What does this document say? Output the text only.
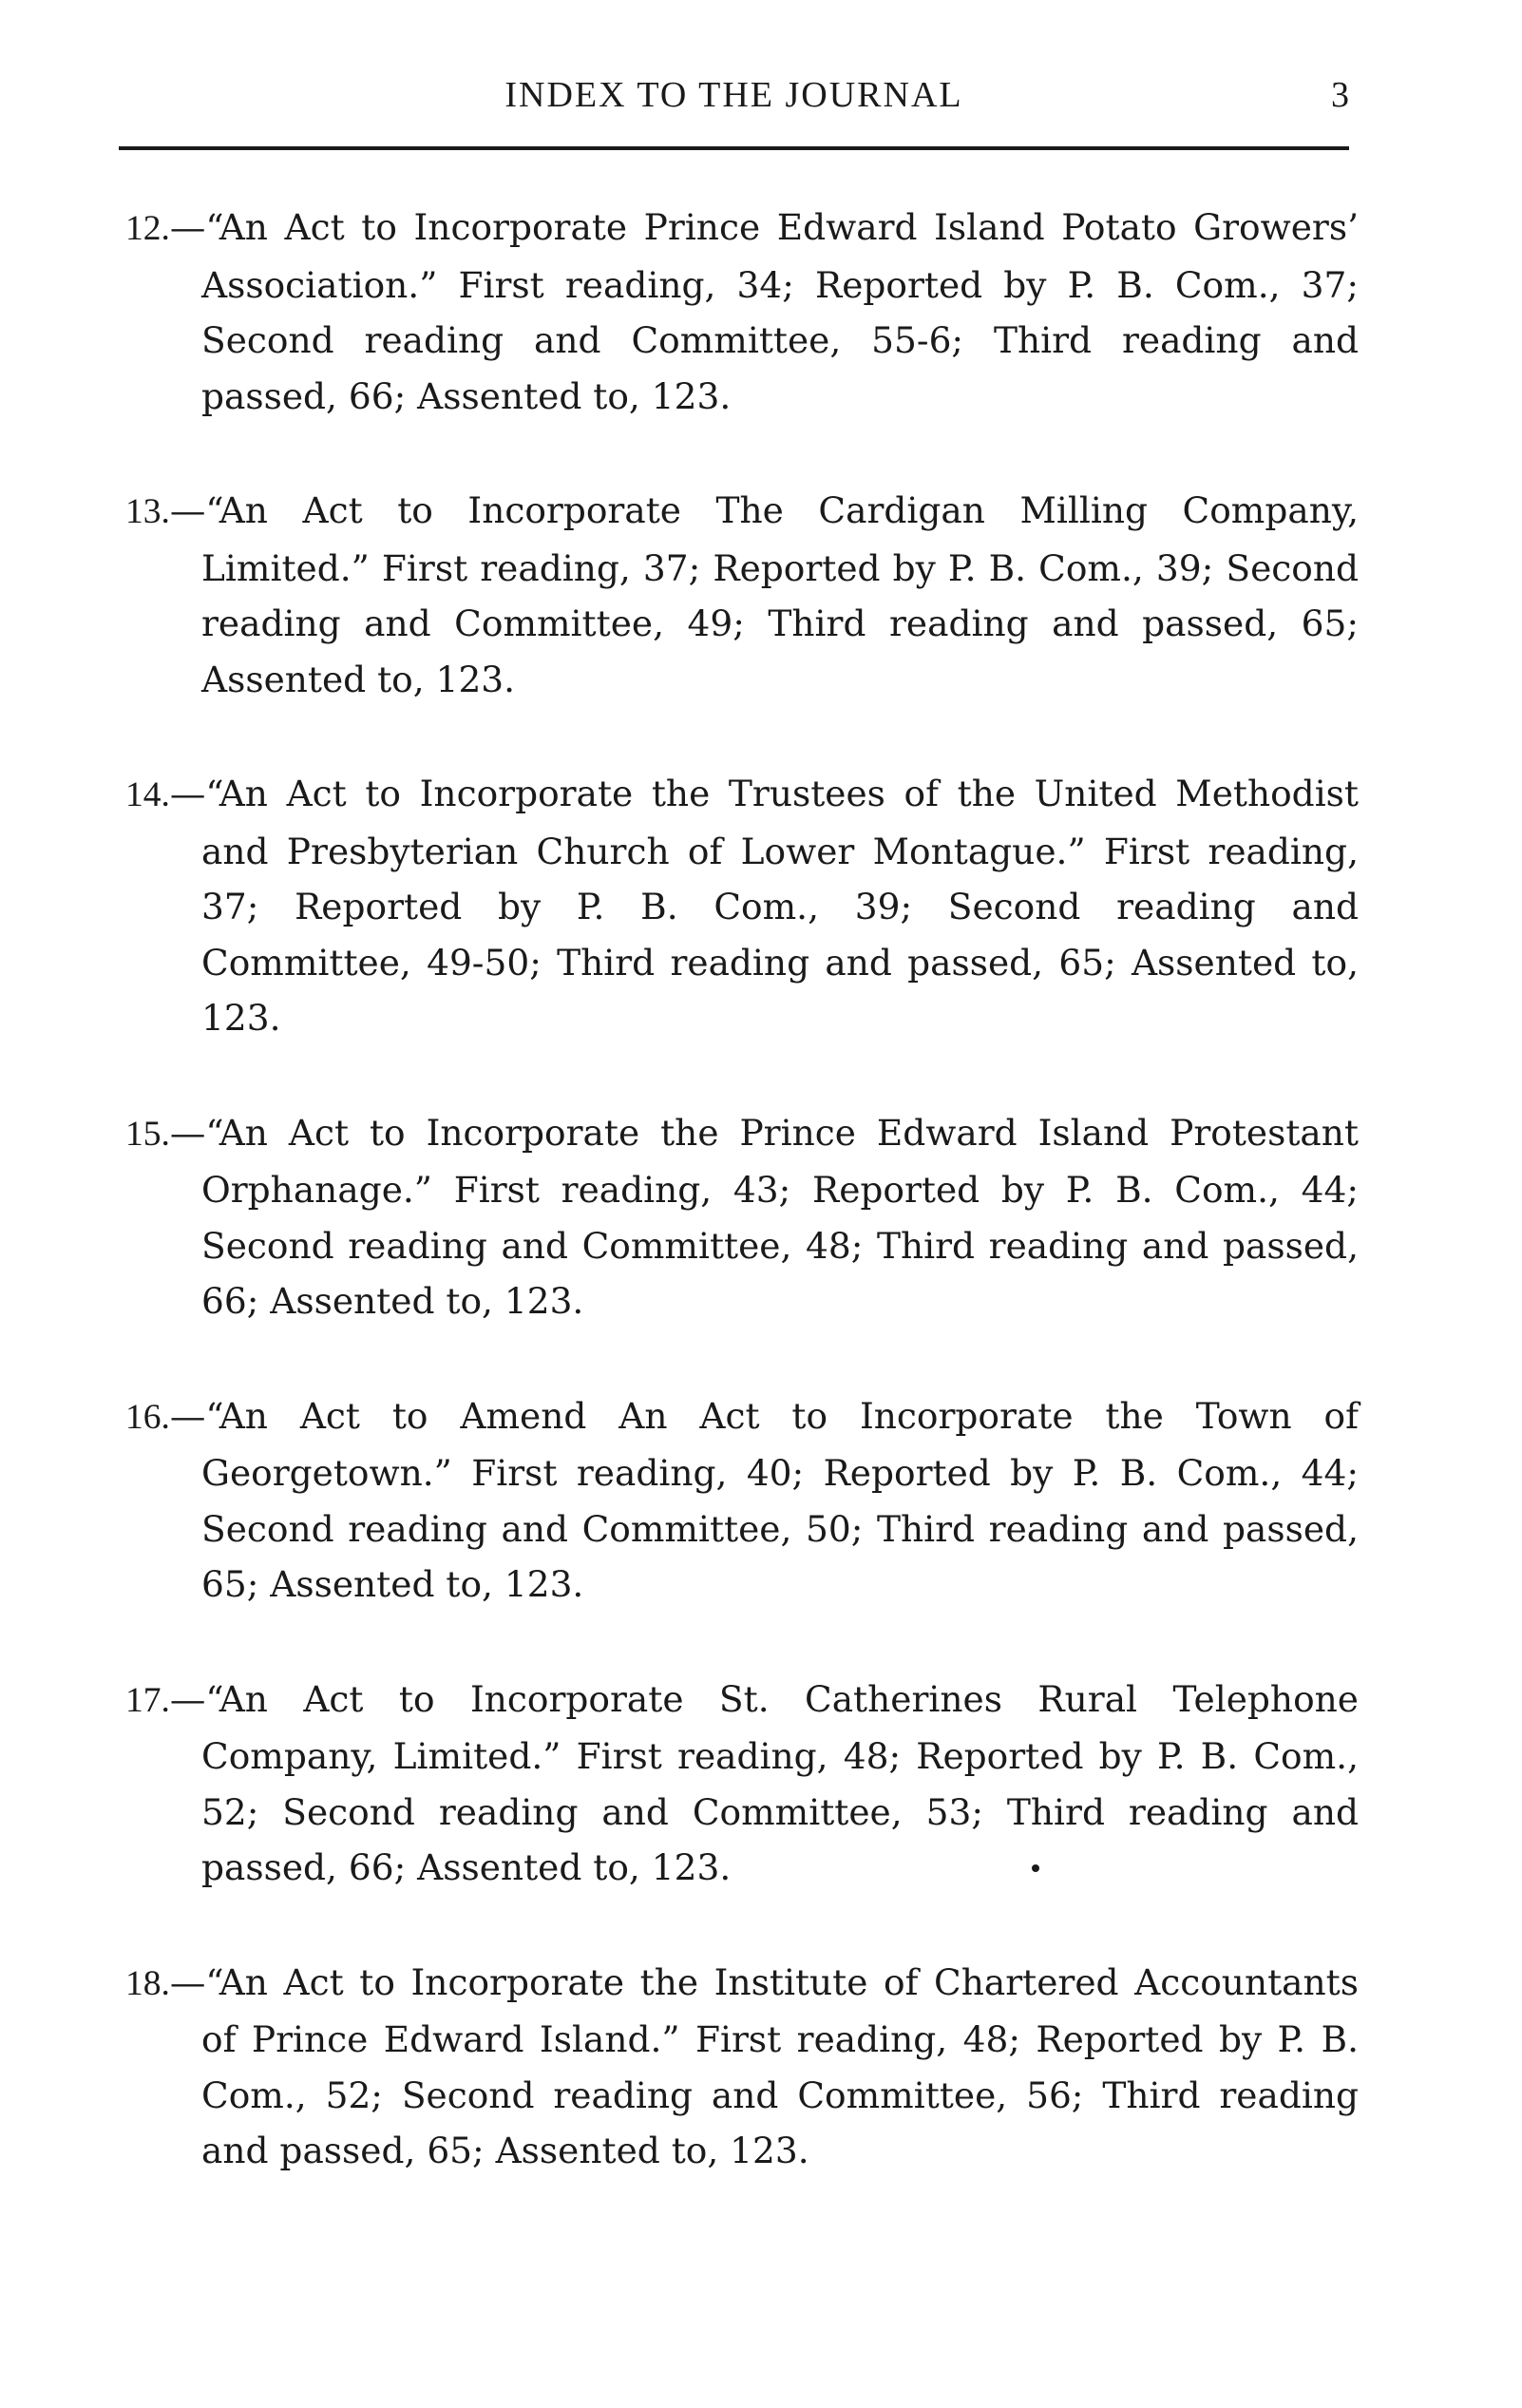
INDEX TO THE JOURNAL	3
12.—“An Act to Incorporate Prince Edward Island Potato Growers’ Association.” First reading, 34; Reported by P. B. Com., 37; Second reading and Committee, 55-6; Third reading and passed, 66; Assented to, 123.
13.—“An Act to Incorporate The Cardigan Milling Company, Limited.” First reading, 37; Reported by P. B. Com., 39; Second reading and Committee, 49; Third reading and passed, 65; Assented to, 123.
14.—“An Act to Incorporate the Trustees of the United Methodist and Presbyterian Church of Lower Montague.” First reading, 37; Reported by P. B. Com., 39; Second reading and Committee, 49-50; Third reading and passed, 65; Assented to, 123.
15.—“An Act to Incorporate the Prince Edward Island Protestant Orphanage.” First reading, 43; Reported by P. B. Com., 44; Second reading and Committee, 48; Third reading and passed, 66; Assented to, 123.
16.—“An Act to Amend An Act to Incorporate the Town of Georgetown.” First reading, 40; Reported by P. B. Com., 44; Second reading and Committee, 50; Third reading and passed, 65; Assented to, 123.
17.—“An Act to Incorporate St. Catherines Rural Telephone Company, Limited.” First reading, 48; Reported by P. B. Com., 52; Second reading and Committee, 53; Third reading and passed, 66; Assented to, 123.
18.—“An Act to Incorporate the Institute of Chartered Accountants of Prince Edward Island.” First reading, 48; Reported by P. B. Com., 52; Second reading and Committee, 56; Third reading and passed, 65; Assented to, 123.
